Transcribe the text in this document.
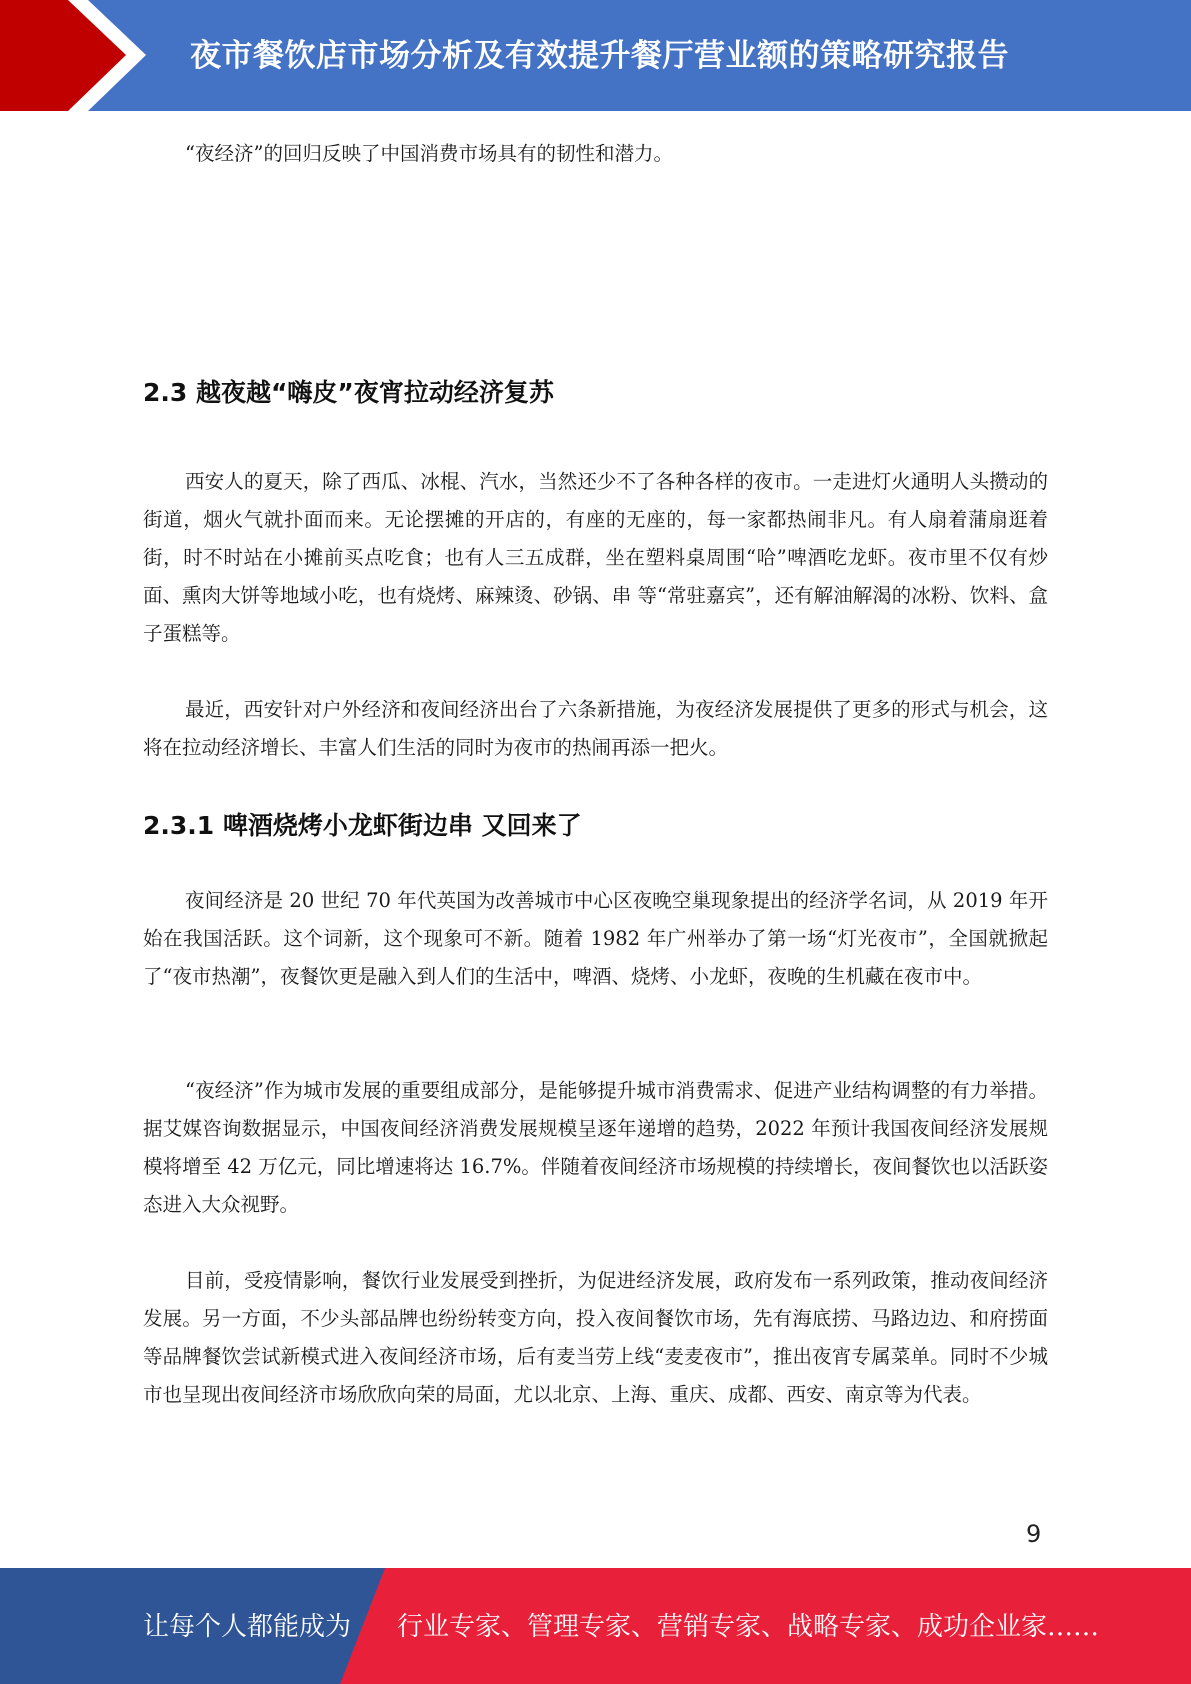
夜市餐饮店市场分析及有效提升餐厅营业额的策略研究报告

“夜经济”的回归反映了中国消费市场具有的韧性和潜力。

2.3 越夜越“嗨皮”夜宵拉动经济复苏

西安人的夏天，除了西瓜、冰棍、汽水，当然还少不了各种各样的夜市。一走进灯火通明人头攒动的街道，烟火气就扑面而来。无论摆摊的开店的，有座的无座的，每一家都热闹非凡。有人扇着蒲扇逛着街，时不时站在小摊前买点吃食；也有人三五成群，坐在塑料桌周围“哈”啤酒吃龙虾。夜市里不仅有炒面、熏肉大饼等地域小吃，也有烧烤、麻辣烫、砂锅、串 等“常驻嘉宾”，还有解油解渴的冰粉、饮料、盒子蛋糕等。

最近，西安针对户外经济和夜间经济出台了六条新措施，为夜经济发展提供了更多的形式与机会，这将在拉动经济增长、丰富人们生活的同时为夜市的热闹再添一把火。

2.3.1 啤酒烧烤小龙虾街边串 又回来了

夜间经济是 20 世纪 70 年代英国为改善城市中心区夜晚空巢现象提出的经济学名词，从 2019 年开始在我国活跃。这个词新，这个现象可不新。随着 1982 年广州举办了第一场“灯光夜市”，全国就掀起了“夜市热潮”，夜餐饮更是融入到人们的生活中，啤酒、烧烤、小龙虾，夜晚的生机藏在夜市中。

“夜经济”作为城市发展的重要组成部分，是能够提升城市消费需求、促进产业结构调整的有力举措。据艾媒咨询数据显示，中国夜间经济消费发展规模呈逐年递增的趋势，2022 年预计我国夜间经济发展规模将增至 42 万亿元，同比增速将达 16.7%。伴随着夜间经济市场规模的持续增长，夜间餐饮也以活跃姿态进入大众视野。

目前，受疫情影响，餐饮行业发展受到挫折，为促进经济发展，政府发布一系列政策，推动夜间经济发展。另一方面，不少头部品牌也纷纷转变方向，投入夜间餐饮市场，先有海底捞、马路边边、和府捞面等品牌餐饮尝试新模式进入夜间经济市场，后有麦当劳上线“麦麦夜市”，推出夜宵专属菜单。同时不少城市也呈现出夜间经济市场欣欣向荣的局面，尤以北京、上海、重庆、成都、西安、南京等为代表。

9
让每个人都能成为 行业专家、管理专家、营销专家、战略专家、成功企业家……
